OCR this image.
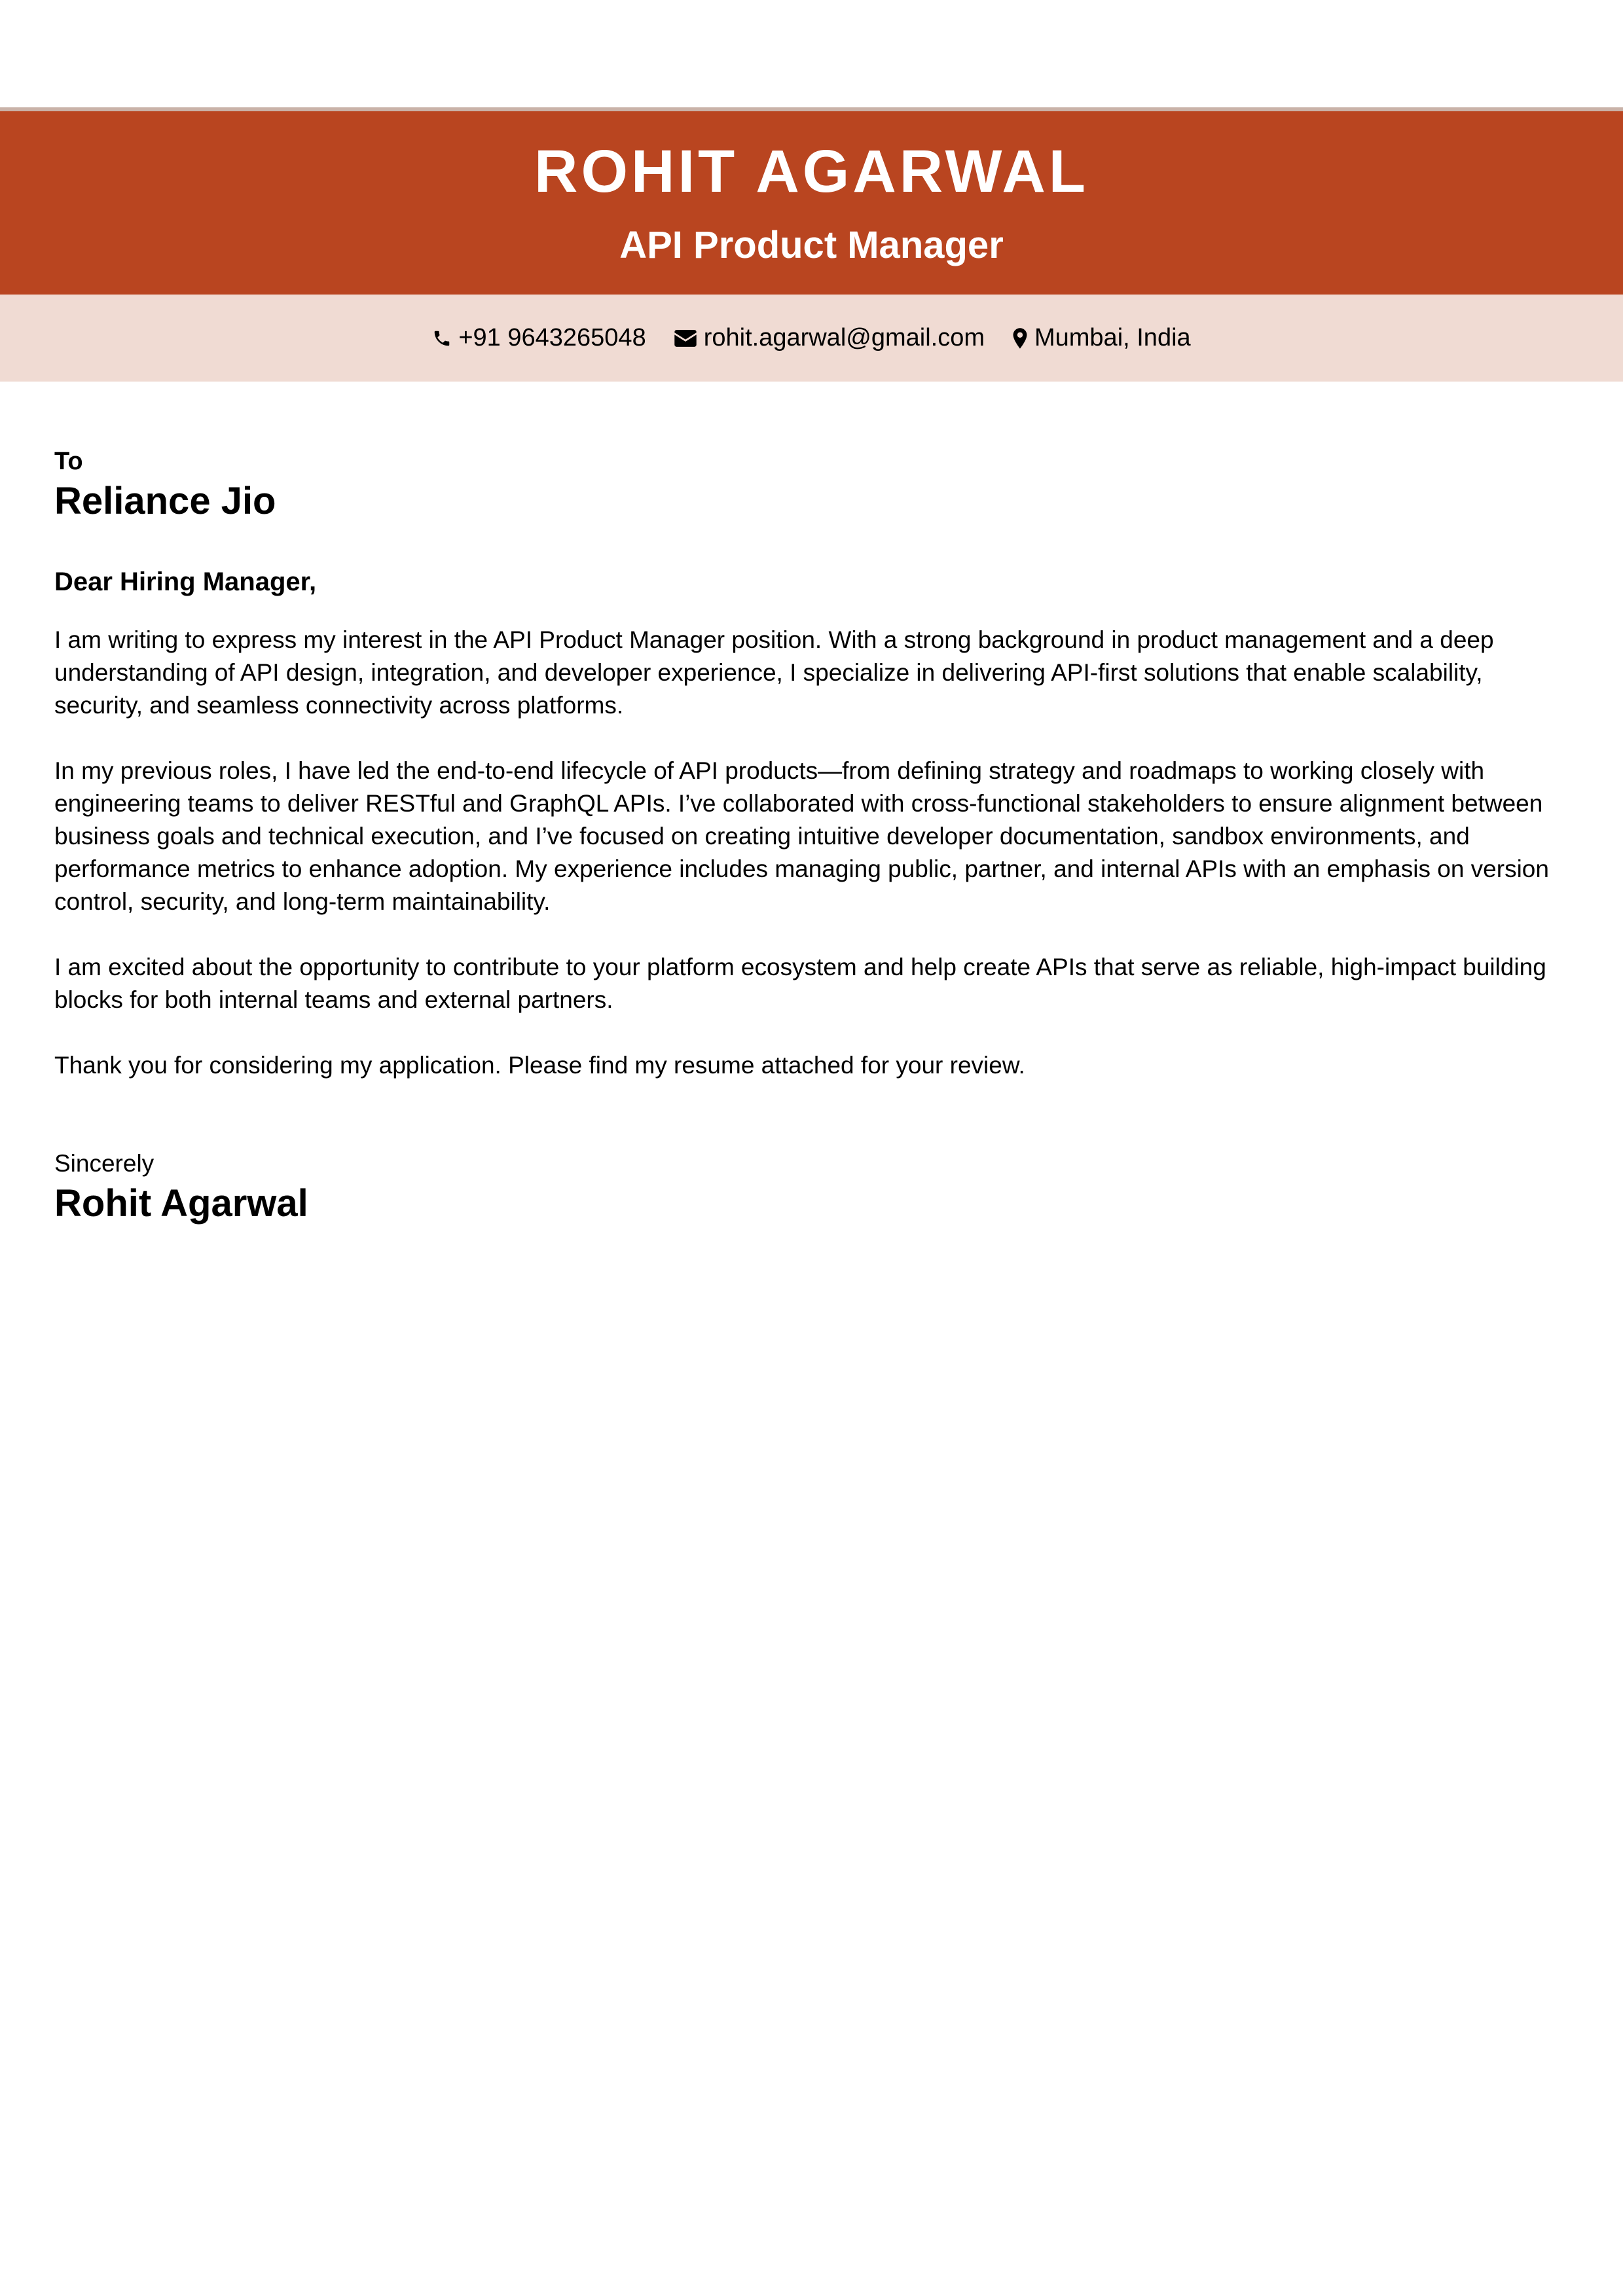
ROHIT AGARWAL
API Product Manager
+91 9643265048 rohit.agarwal@gmail.com Mumbai, India
To
Reliance Jio
Dear Hiring Manager,

I am writing to express my interest in the API Product Manager position. With a strong background in product management and a deep understanding of API design, integration, and developer experience, I specialize in delivering API-first solutions that enable scalability, security, and seamless connectivity across platforms.

In my previous roles, I have led the end-to-end lifecycle of API products—from defining strategy and roadmaps to working closely with engineering teams to deliver RESTful and GraphQL APIs. I’ve collaborated with cross-functional stakeholders to ensure alignment between business goals and technical execution, and I’ve focused on creating intuitive developer documentation, sandbox environments, and performance metrics to enhance adoption. My experience includes managing public, partner, and internal APIs with an emphasis on version control, security, and long-term maintainability.

I am excited about the opportunity to contribute to your platform ecosystem and help create APIs that serve as reliable, high-impact building blocks for both internal teams and external partners.

Thank you for considering my application. Please find my resume attached for your review.

Sincerely
Rohit Agarwal
